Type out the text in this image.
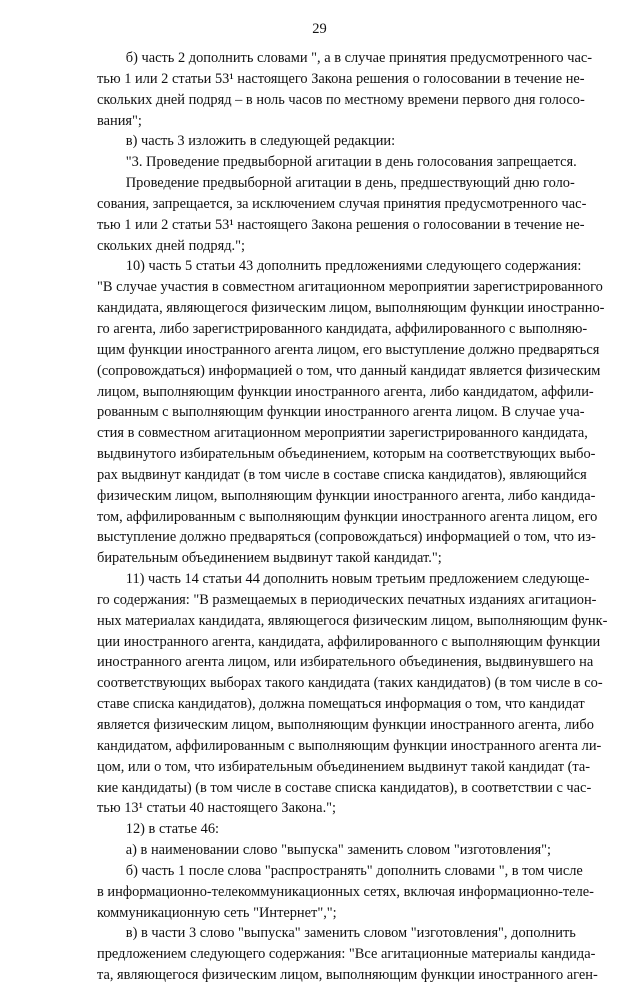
29
б) часть 2 дополнить словами ", а в случае принятия предусмотренного час-
тью 1 или 2 статьи 53¹ настоящего Закона решения о голосовании в течение не-
скольких дней подряд – в ноль часов по местному времени первого дня голосо-
вания";
в) часть 3 изложить в следующей редакции:
"3. Проведение предвыборной агитации в день голосования запрещается.
Проведение предвыборной агитации в день, предшествующий дню голо-
сования, запрещается, за исключением случая принятия предусмотренного час-
тью 1 или 2 статьи 53¹ настоящего Закона решения о голосовании в течение не-
скольких дней подряд.";
10) часть 5 статьи 43 дополнить предложениями следующего содержания:
"В случае участия в совместном агитационном мероприятии зарегистрированного
кандидата, являющегося физическим лицом, выполняющим функции иностранно-
го агента, либо зарегистрированного кандидата, аффилированного с выполняю-
щим функции иностранного агента лицом, его выступление должно предваряться
(сопровождаться) информацией о том, что данный кандидат является физическим
лицом, выполняющим функции иностранного агента, либо кандидатом, аффили-
рованным с выполняющим функции иностранного агента лицом. В случае уча-
стия в совместном агитационном мероприятии зарегистрированного кандидата,
выдвинутого избирательным объединением, которым на соответствующих выбо-
рах выдвинут кандидат (в том числе в составе списка кандидатов), являющийся
физическим лицом, выполняющим функции иностранного агента, либо кандида-
том, аффилированным с выполняющим функции иностранного агента лицом, его
выступление должно предваряться (сопровождаться) информацией о том, что из-
бирательным объединением выдвинут такой кандидат.";
11) часть 14 статьи 44 дополнить новым третьим предложением следующе-
го содержания: "В размещаемых в периодических печатных изданиях агитацион-
ных материалах кандидата, являющегося физическим лицом, выполняющим функ-
ции иностранного агента, кандидата, аффилированного с выполняющим функции
иностранного агента лицом, или избирательного объединения, выдвинувшего на
соответствующих выборах такого кандидата (таких кандидатов) (в том числе в со-
ставе списка кандидатов), должна помещаться информация о том, что кандидат
является физическим лицом, выполняющим функции иностранного агента, либо
кандидатом, аффилированным с выполняющим функции иностранного агента ли-
цом, или о том, что избирательным объединением выдвинут такой кандидат (та-
кие кандидаты) (в том числе в составе списка кандидатов), в соответствии с час-
тью 13¹ статьи 40 настоящего Закона.";
12) в статье 46:
а) в наименовании слово "выпуска" заменить словом "изготовления";
б) часть 1 после слова "распространять" дополнить словами ", в том числе
в информационно-телекоммуникационных сетях, включая информационно-теле-
коммуникационную сеть "Интернет",";
в) в части 3 слово "выпуска" заменить словом "изготовления", дополнить
предложением следующего содержания: "Все агитационные материалы кандида-
та, являющегося физическим лицом, выполняющим функции иностранного аген-
